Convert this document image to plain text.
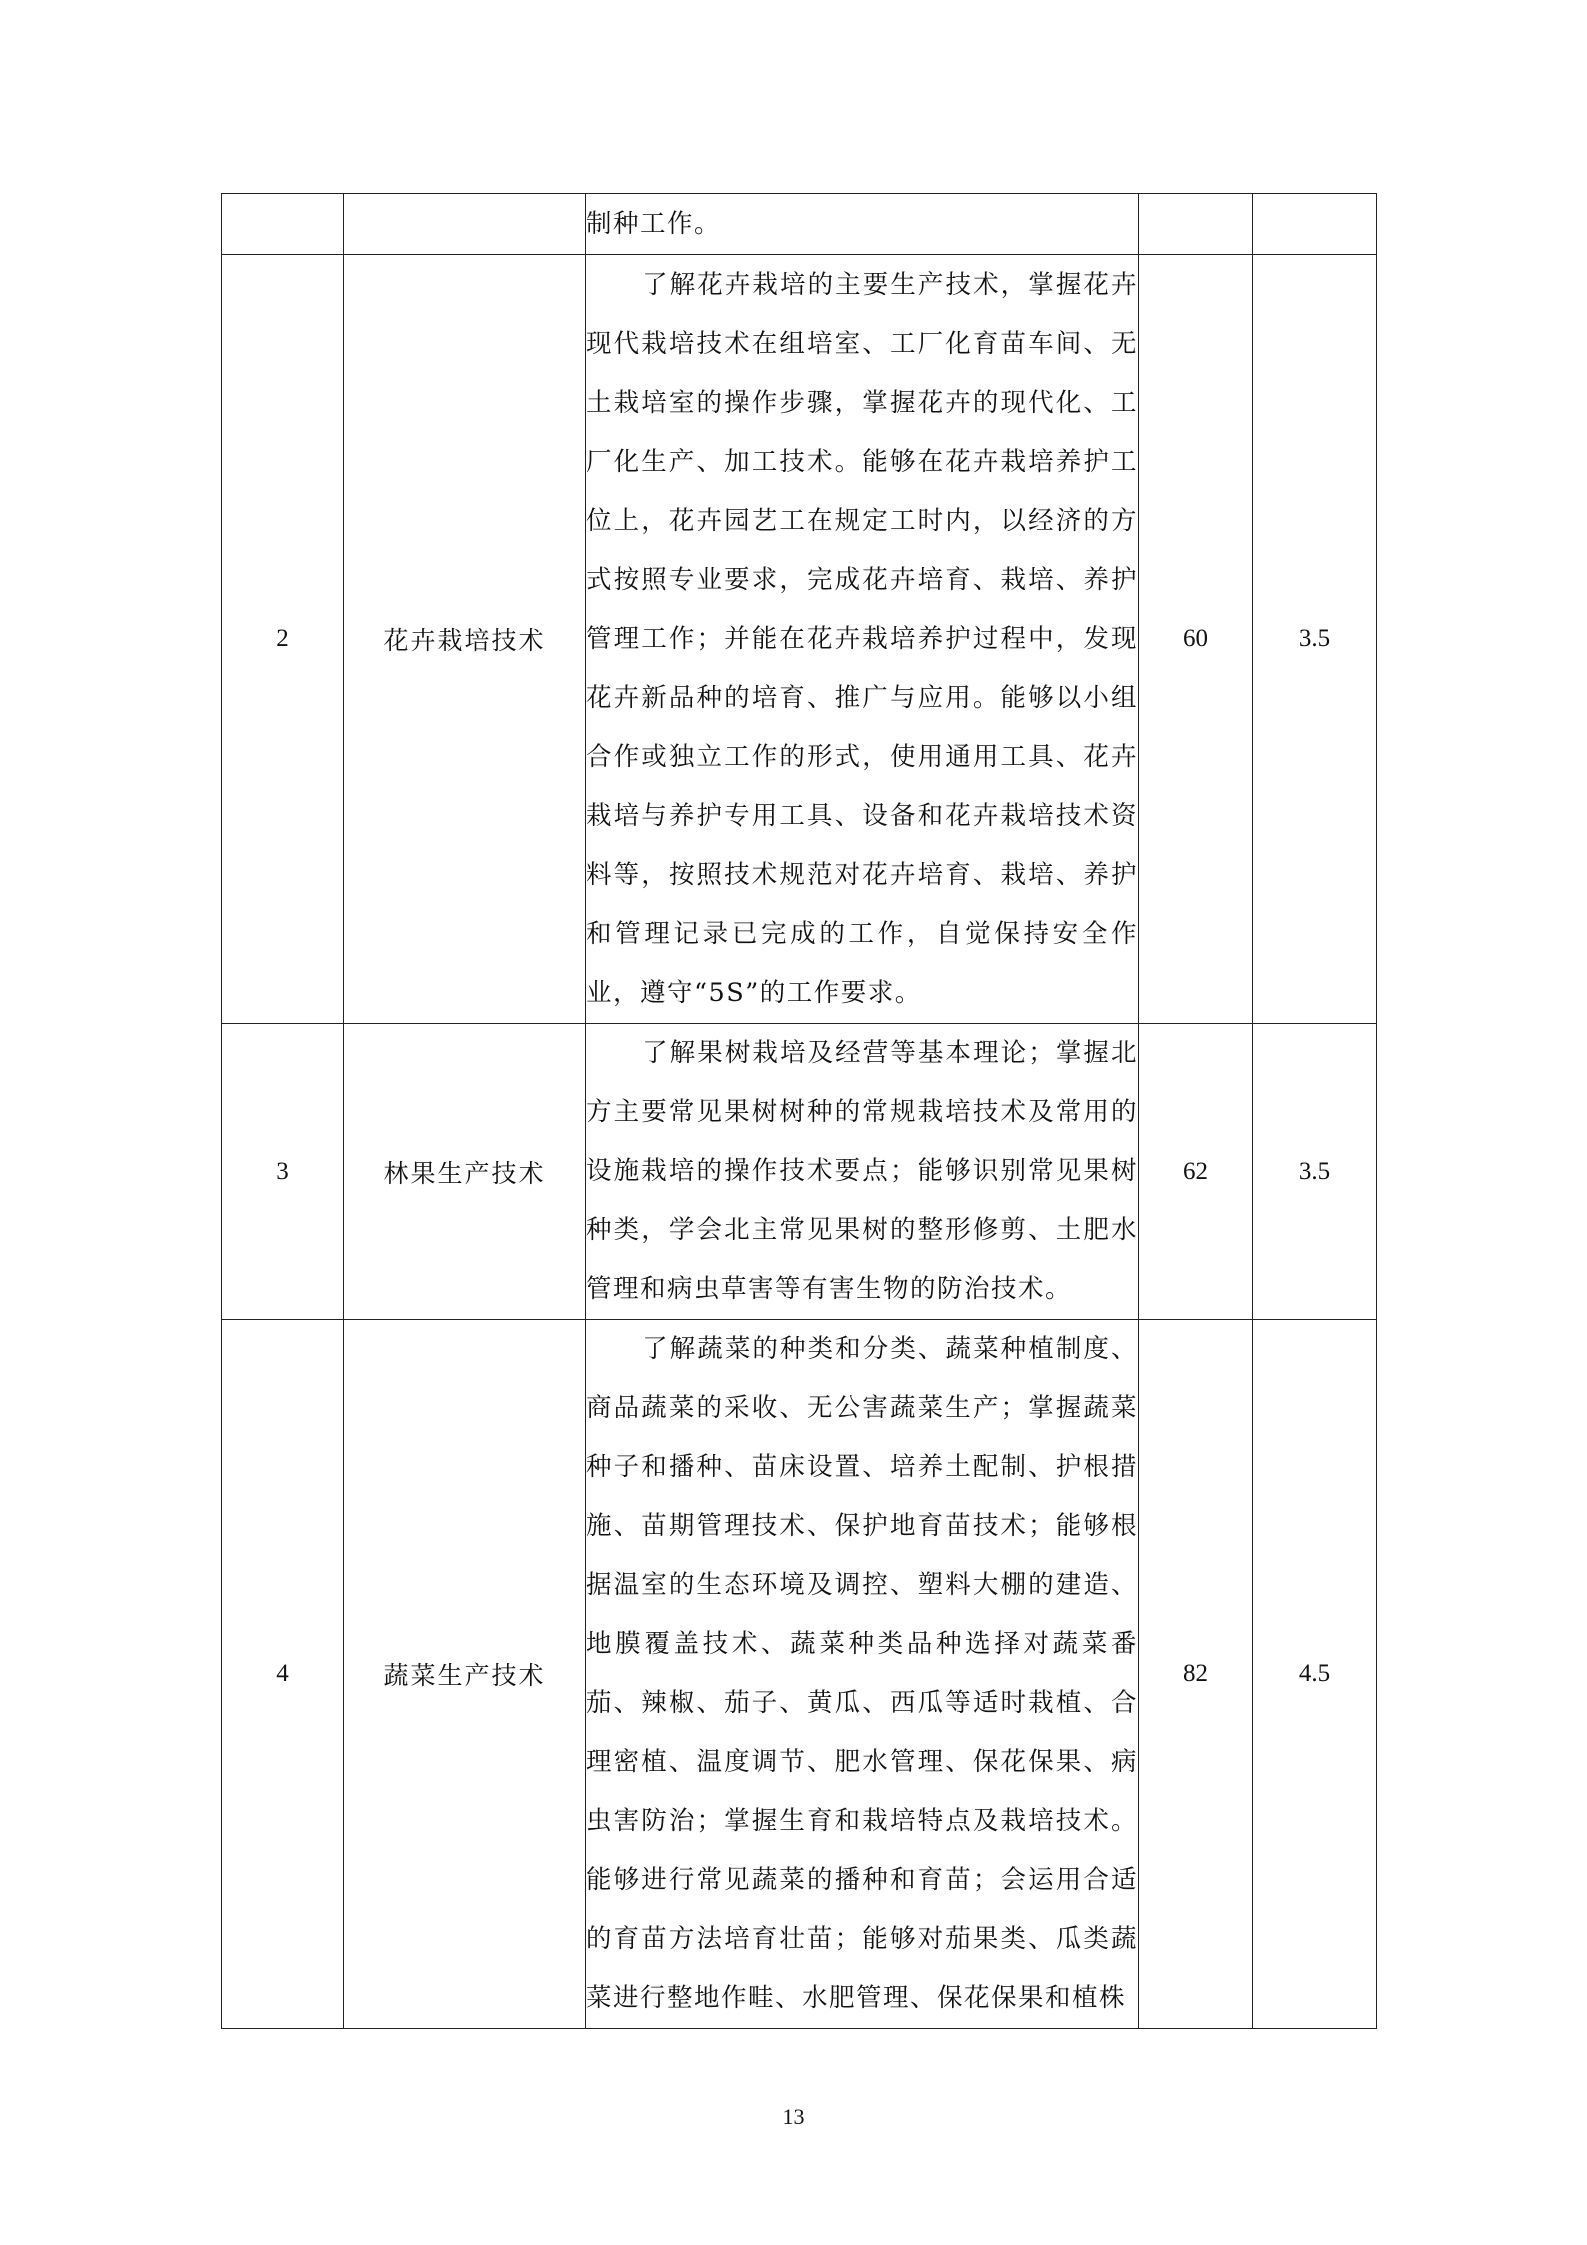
		制种工作。		

2	花卉栽培技术	了解花卉栽培的主要生产技术，掌握花卉现代栽培技术在组培室、工厂化育苗车间、无土栽培室的操作步骤，掌握花卉的现代化、工厂化生产、加工技术。能够在花卉栽培养护工位上，花卉园艺工在规定工时内，以经济的方式按照专业要求，完成花卉培育、栽培、养护管理工作；并能在花卉栽培养护过程中，发现花卉新品种的培育、推广与应用。能够以小组合作或独立工作的形式，使用通用工具、花卉栽培与养护专用工具、设备和花卉栽培技术资料等，按照技术规范对花卉培育、栽培、养护和管理记录已完成的工作，自觉保持安全作业，遵守“5S”的工作要求。	60	3.5
3	林果生产技术	了解果树栽培及经营等基本理论；掌握北方主要常见果树树种的常规栽培技术及常用的设施栽培的操作技术要点；能够识别常见果树种类，学会北主常见果树的整形修剪、土肥水管理和病虫草害等有害生物的防治技术。	62	3.5
4	蔬菜生产技术	了解蔬菜的种类和分类、蔬菜种植制度、商品蔬菜的采收、无公害蔬菜生产；掌握蔬菜种子和播种、苗床设置、培养土配制、护根措施、苗期管理技术、保护地育苗技术；能够根据温室的生态环境及调控、塑料大棚的建造、地膜覆盖技术、蔬菜种类品种选择对蔬菜番茄、辣椒、茄子、黄瓜、西瓜等适时栽植、合理密植、温度调节、肥水管理、保花保果、病虫害防治；掌握生育和栽培特点及栽培技术。能够进行常见蔬菜的播种和育苗；会运用合适的育苗方法培育壮苗；能够对茄果类、瓜类蔬菜进行整地作畦、水肥管理、保花保果和植株	82	4.5
13
